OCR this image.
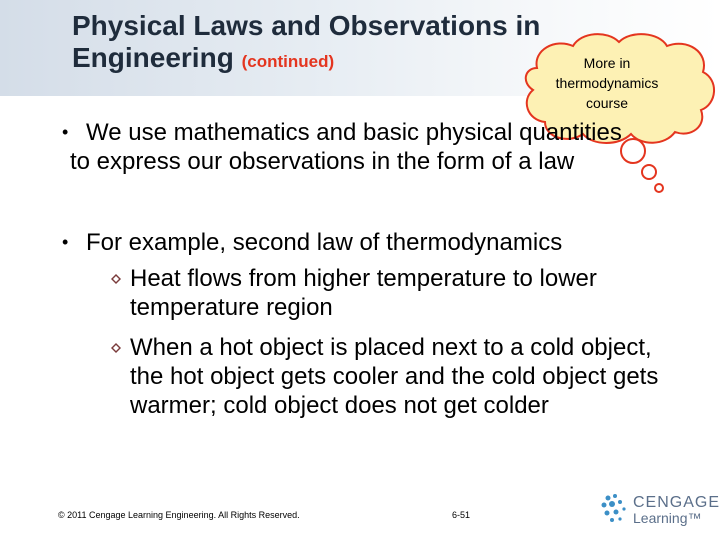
Physical Laws and Observations in
Engineering (continued)	More in
thermodynamics
course
• We use mathematics and basic physical quantities to express our observations in the form of a law
• For example, second law of thermodynamics
Heat flows from higher temperature to lower temperature region
When a hot object is placed next to a cold object, the hot object gets cooler and the cold object gets warmer; cold object does not get colder
© 2011 Cengage Learning Engineering. All Rights Reserved.	6-51
CENGAGE
Learning™
